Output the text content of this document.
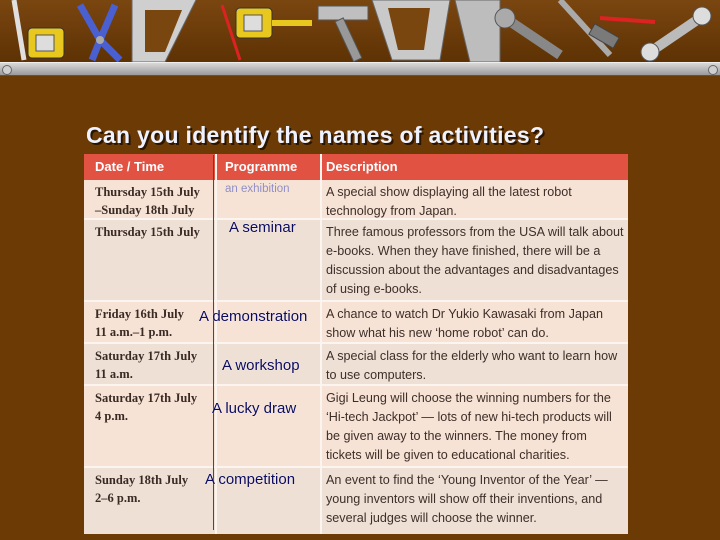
Can you identify the names of activities?
Date / Time	Programme Description
Thursday 15th July
–Sunday 18th July
A special show displaying all the latest robot technology from Japan.
Thursday 15th July	Three famous professors from the USA will talk about e-books. When they have finished, there will be a discussion about the advantages and disadvantages of using e-books.
Friday 16th July
11 a.m.–1 p.m.
A chance to watch Dr Yukio Kawasaki from Japan show what his new ‘home robot’ can do.
Saturday 17th July
11 a.m.
A special class for the elderly who want to learn how to use computers.
Saturday 17th July
4 p.m.
Gigi Leung will choose the winning numbers for the ‘Hi-tech Jackpot’ — lots of new hi-tech products will be given away to the winners. The money from tickets will be given to educational charities.
Sunday 18th July
2–6 p.m.
An event to find the ‘Young Inventor of the Year’ — young inventors will show off their inventions, and several judges will choose the winner.
an exhibition
A seminar
A demonstration
A workshop
A lucky draw
A competition
